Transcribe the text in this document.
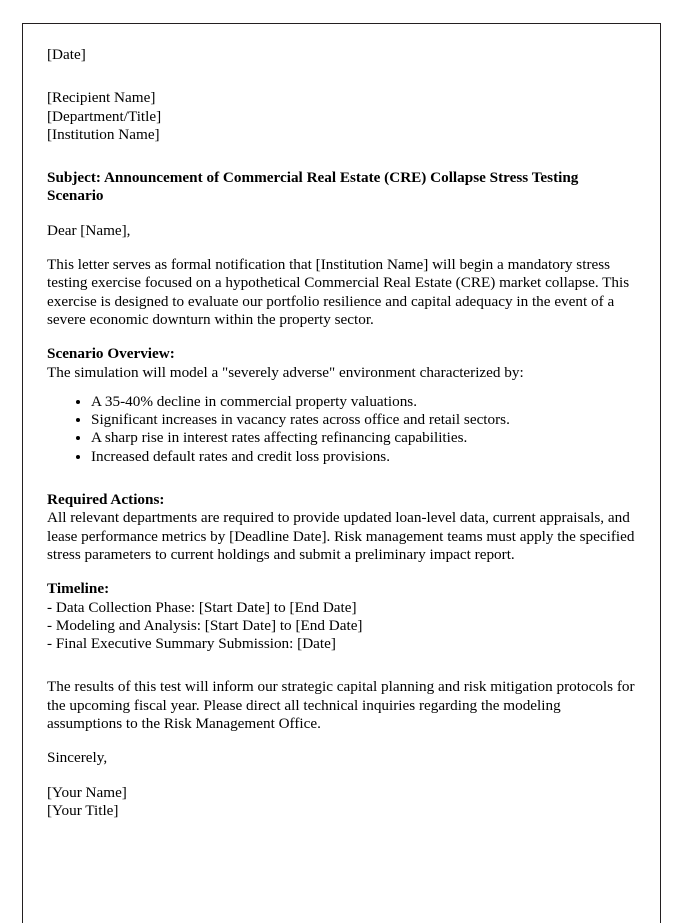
[Date]
[Recipient Name]
[Department/Title]
[Institution Name]
Subject: Announcement of Commercial Real Estate (CRE) Collapse Stress Testing Scenario
Dear [Name],

This letter serves as formal notification that [Institution Name] will begin a mandatory stress testing exercise focused on a hypothetical Commercial Real Estate (CRE) market collapse. This exercise is designed to evaluate our portfolio resilience and capital adequacy in the event of a severe economic downturn within the property sector.

Scenario Overview:

The simulation will model a "severely adverse" environment characterized by:

• A 35-40% decline in commercial property valuations.
• Significant increases in vacancy rates across office and retail sectors.
• A sharp rise in interest rates affecting refinancing capabilities.
• Increased default rates and credit loss provisions.
Required Actions:

All relevant departments are required to provide updated loan-level data, current appraisals, and lease performance metrics by [Deadline Date]. Risk management teams must apply the specified stress parameters to current holdings and submit a preliminary impact report.

Timeline:
- Data Collection Phase: [Start Date] to [End Date]
- Modeling and Analysis: [Start Date] to [End Date]
- Final Executive Summary Submission: [Date]

The results of this test will inform our strategic capital planning and risk mitigation protocols for the upcoming fiscal year. Please direct all technical inquiries regarding the modeling assumptions to the Risk Management Office.

Sincerely,
[Your Name]
[Your Title]
